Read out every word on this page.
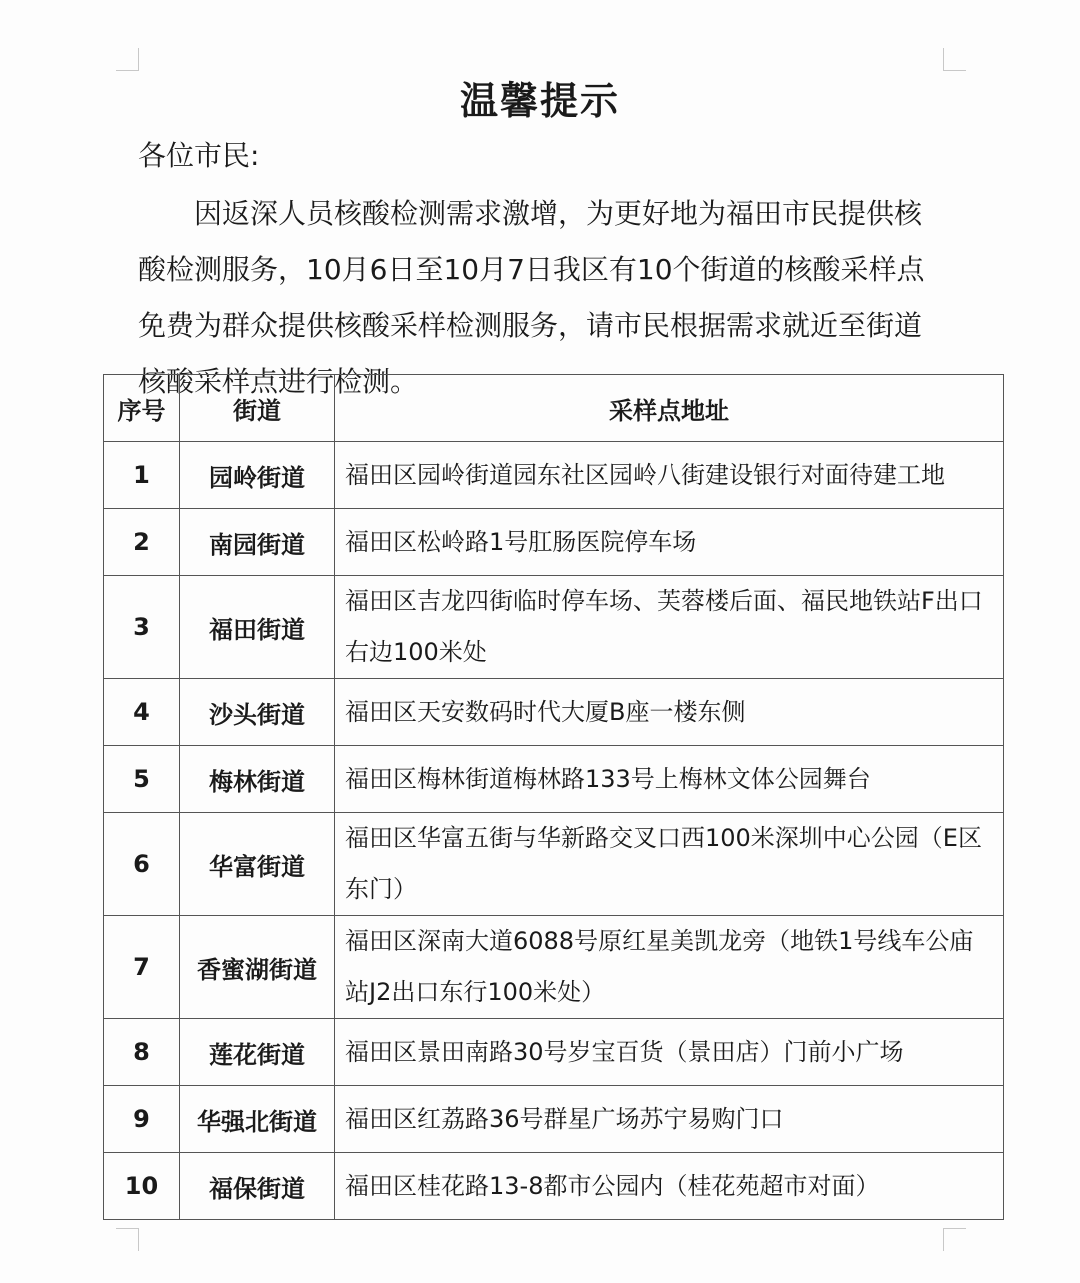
温馨提示
各位市民:
因返深人员核酸检测需求激增，为更好地为福田市民提供核酸检测服务，10月6日至10月7日我区有10个街道的核酸采样点免费为群众提供核酸采样检测服务，请市民根据需求就近至街道核酸采样点进行检测。
序号	街道	采样点地址
1	园岭街道	福田区园岭街道园东社区园岭八街建设银行对面待建工地
2	南园街道	福田区松岭路1号肛肠医院停车场
3	福田街道	福田区吉龙四街临时停车场、芙蓉楼后面、福民地铁站F出口右边100米处
4	沙头街道	福田区天安数码时代大厦B座一楼东侧
5	梅林街道	福田区梅林街道梅林路133号上梅林文体公园舞台
6	华富街道	福田区华富五街与华新路交叉口西100米深圳中心公园（E区东门）
7	香蜜湖街道	福田区深南大道6088号原红星美凯龙旁（地铁1号线车公庙站J2出口东行100米处）
8	莲花街道	福田区景田南路30号岁宝百货（景田店）门前小广场
9	华强北街道	福田区红荔路36号群星广场苏宁易购门口
10	福保街道	福田区桂花路13-8都市公园内（桂花苑超市对面）
